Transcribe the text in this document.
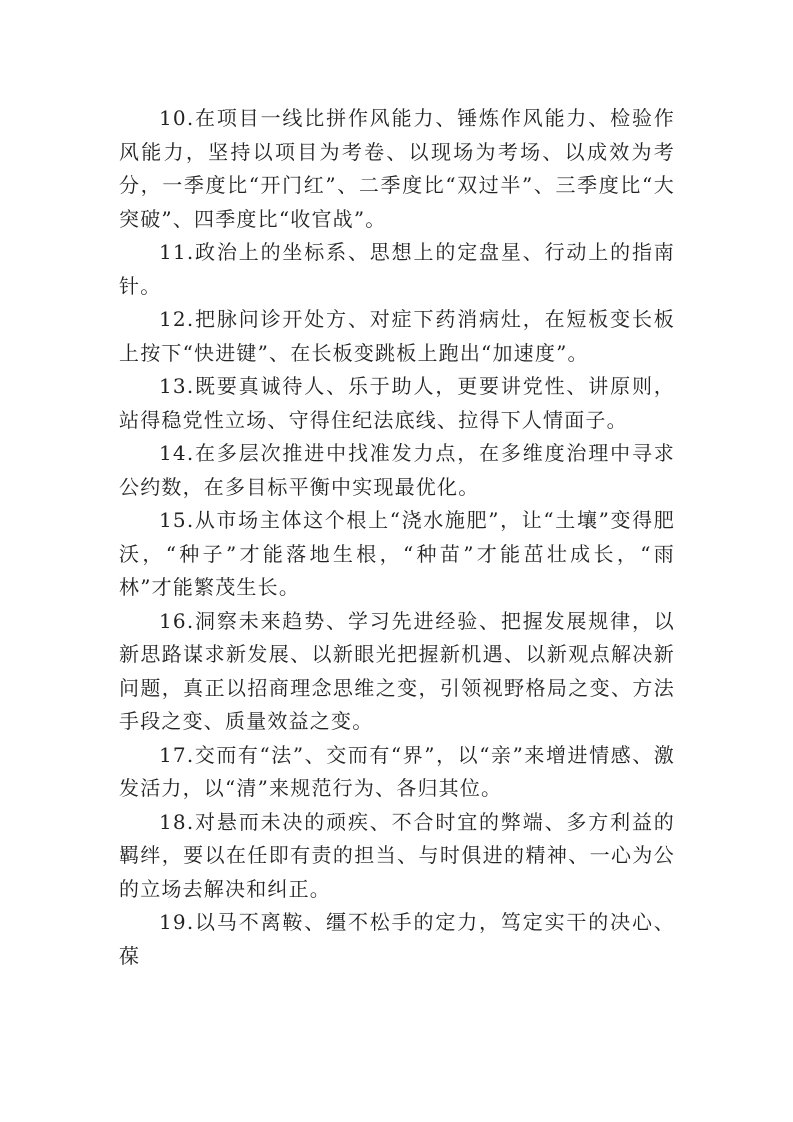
10.在项目一线比拼作风能力、锤炼作风能力、检验作风能力，坚持以项目为考卷、以现场为考场、以成效为考分，一季度比“开门红”、二季度比“双过半”、三季度比“大突破”、四季度比“收官战”。

11.政治上的坐标系、思想上的定盘星、行动上的指南针。

12.把脉问诊开处方、对症下药消病灶，在短板变长板上按下“快进键”、在长板变跳板上跑出“加速度”。

13.既要真诚待人、乐于助人，更要讲党性、讲原则，站得稳党性立场、守得住纪法底线、拉得下人情面子。

14.在多层次推进中找准发力点，在多维度治理中寻求公约数，在多目标平衡中实现最优化。

15.从市场主体这个根上“浇水施肥”，让“土壤”变得肥沃，“种子”才能落地生根，“种苗”才能茁壮成长，“雨林”才能繁茂生长。

16.洞察未来趋势、学习先进经验、把握发展规律，以新思路谋求新发展、以新眼光把握新机遇、以新观点解决新问题，真正以招商理念思维之变，引领视野格局之变、方法手段之变、质量效益之变。

17.交而有“法”、交而有“界”，以“亲”来增进情感、激发活力，以“清”来规范行为、各归其位。

18.对悬而未决的顽疾、不合时宜的弊端、多方利益的羁绊，要以在任即有责的担当、与时俱进的精神、一心为公的立场去解决和纠正。

19.以马不离鞍、缰不松手的定力，笃定实干的决心、葆
